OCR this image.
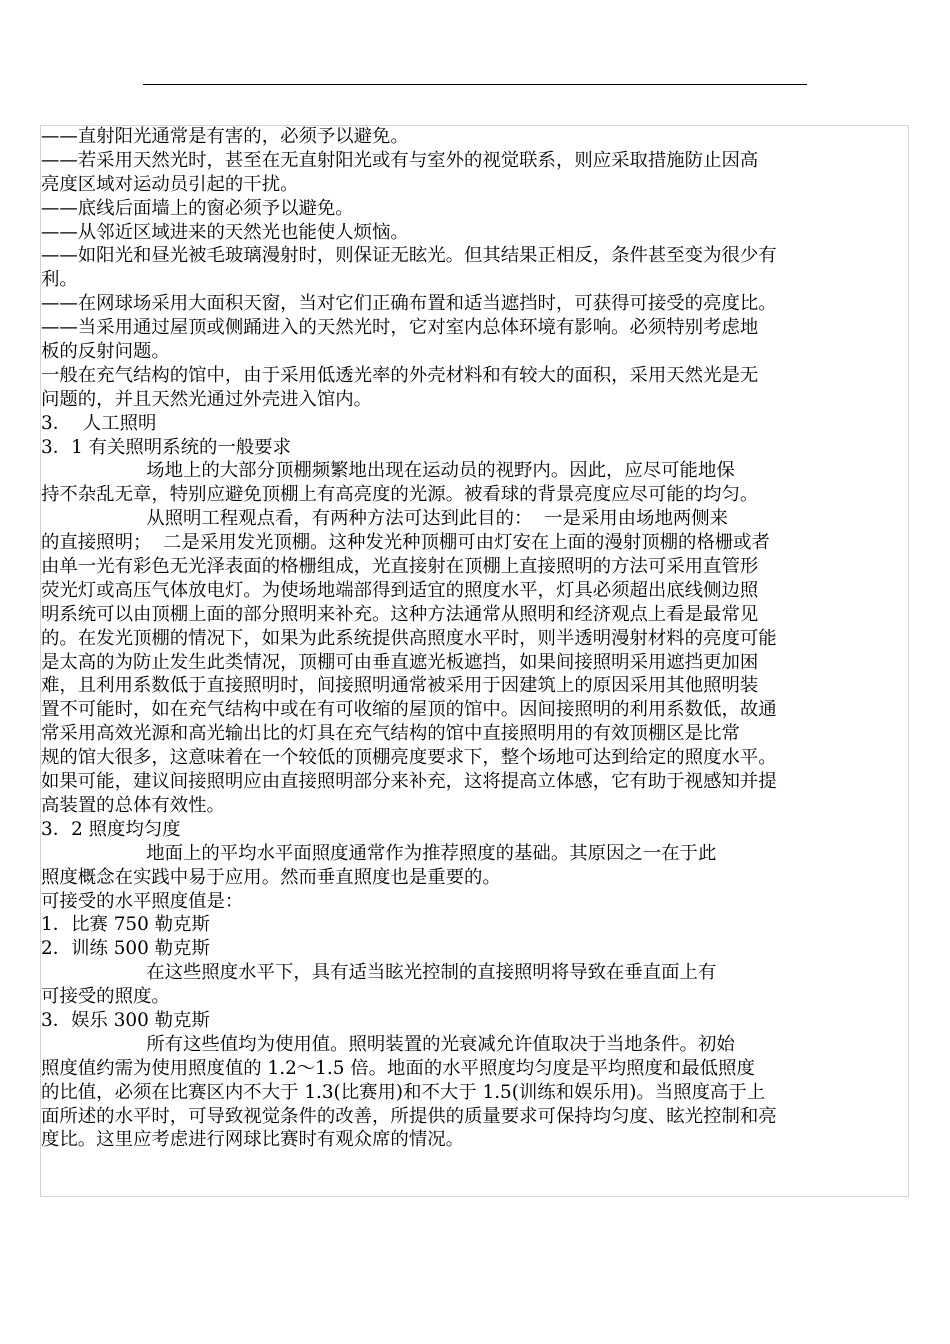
——直射阳光通常是有害的，必须予以避免。
——若采用天然光时，甚至在无直射阳光或有与室外的视觉联系，则应采取措施防止因高
亮度区域对运动员引起的干扰。
——底线后面墙上的窗必须予以避免。
——从邻近区域进来的天然光也能使人烦恼。
——如阳光和昼光被毛玻璃漫射时，则保证无眩光。但其结果正相反，条件甚至变为很少有
利。
——在网球场采用大面积天窗，当对它们正确布置和适当遮挡时，可获得可接受的亮度比。
——当采用通过屋顶或侧踊进入的天然光时，它对室内总体环境有影响。必须特别考虑地
板的反射问题。
一般在充气结构的馆中，由于采用低透光率的外壳材料和有较大的面积，采用天然光是无
问题的，并且天然光通过外壳进入馆内。
3．  人工照明
3．1 有关照明系统的一般要求
场地上的大部分顶棚频繁地出现在运动员的视野内。因此，应尽可能地保
持不杂乱无章，特别应避免顶棚上有高亮度的光源。被看球的背景亮度应尽可能的均匀。
从照明工程观点看，有两种方法可达到此目的：  一是采用由场地两侧来
的直接照明；  二是采用发光顶棚。这种发光种顶棚可由灯安在上面的漫射顶棚的格栅或者
由单一光有彩色无光泽表面的格栅组成，光直接射在顶棚上直接照明的方法可采用直管形
荧光灯或高压气体放电灯。为使场地端部得到适宜的照度水平，灯具必须超出底线侧边照
明系统可以由顶棚上面的部分照明来补充。这种方法通常从照明和经济观点上看是最常见
的。在发光顶棚的情况下，如果为此系统提供高照度水平时，则半透明漫射材料的亮度可能
是太高的为防止发生此类情况，顶棚可由垂直遮光板遮挡，如果间接照明采用遮挡更加困
难，且利用系数低于直接照明时，间接照明通常被采用于因建筑上的原因采用其他照明装
置不可能时，如在充气结构中或在有可收缩的屋顶的馆中。因间接照明的利用系数低，故通
常采用高效光源和高光输出比的灯具在充气结构的馆中直接照明用的有效顶棚区是比常
规的馆大很多，这意味着在一个较低的顶棚亮度要求下，整个场地可达到给定的照度水平。
如果可能，建议间接照明应由直接照明部分来补充，这将提高立体感，它有助于视感知并提
高装置的总体有效性。
3．2 照度均匀度
地面上的平均水平面照度通常作为推荐照度的基础。其原因之一在于此
照度概念在实践中易于应用。然而垂直照度也是重要的。
可接受的水平照度值是：
1．比赛 750 勒克斯
2．训练 500 勒克斯
在这些照度水平下，具有适当眩光控制的直接照明将导致在垂直面上有
可接受的照度。
3．娱乐 300 勒克斯
所有这些值均为使用值。照明装置的光衰减允许值取决于当地条件。初始
照度值约需为使用照度值的 1.2～1.5 倍。地面的水平照度均匀度是平均照度和最低照度
的比值，必须在比赛区内不大于 1.3(比赛用)和不大于 1.5(训练和娱乐用)。当照度高于上
面所述的水平时，可导致视觉条件的改善，所提供的质量要求可保持均匀度、眩光控制和亮
度比。这里应考虑进行网球比赛时有观众席的情况。
